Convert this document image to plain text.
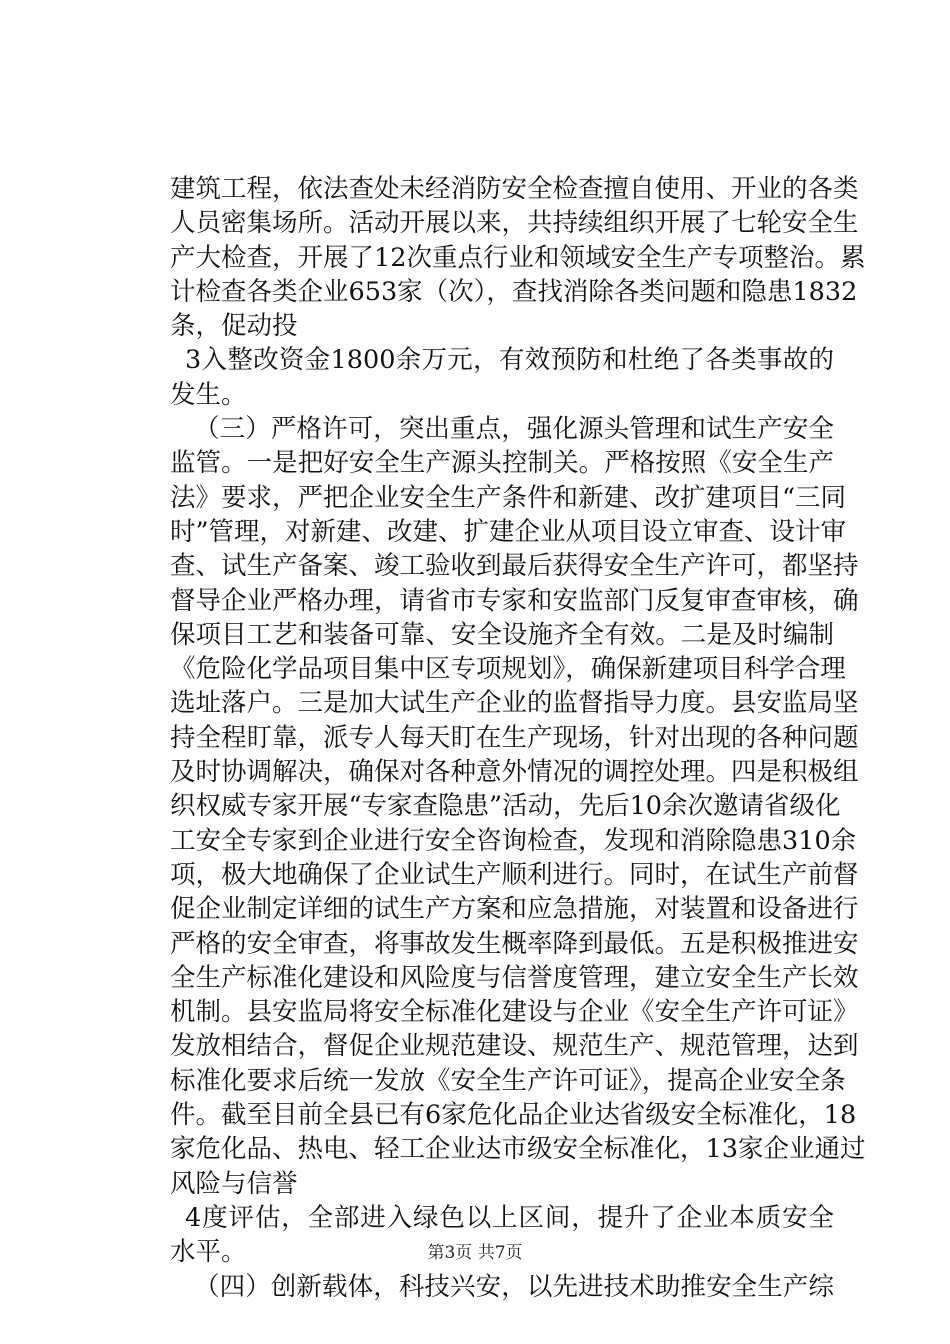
建筑工程，依法查处未经消防安全检查擅自使用、开业的各类
人员密集场所。活动开展以来，共持续组织开展了七轮安全生
产大检查，开展了12次重点行业和领域安全生产专项整治。累
计检查各类企业653家（次），查找消除各类问题和隐患1832
条，促动投
3入整改资金1800余万元，有效预防和杜绝了各类事故的
发生。
（三）严格许可，突出重点，强化源头管理和试生产安全
监管。一是把好安全生产源头控制关。严格按照《安全生产
法》要求，严把企业安全生产条件和新建、改扩建项目“三同
时”管理，对新建、改建、扩建企业从项目设立审查、设计审
查、试生产备案、竣工验收到最后获得安全生产许可，都坚持
督导企业严格办理，请省市专家和安监部门反复审查审核，确
保项目工艺和装备可靠、安全设施齐全有效。二是及时编制
《危险化学品项目集中区专项规划》，确保新建项目科学合理
选址落户。三是加大试生产企业的监督指导力度。县安监局坚
持全程盯靠，派专人每天盯在生产现场，针对出现的各种问题
及时协调解决，确保对各种意外情况的调控处理。四是积极组
织权威专家开展“专家查隐患”活动，先后10余次邀请省级化
工安全专家到企业进行安全咨询检查，发现和消除隐患310余
项，极大地确保了企业试生产顺利进行。同时，在试生产前督
促企业制定详细的试生产方案和应急措施，对装置和设备进行
严格的安全审查，将事故发生概率降到最低。五是积极推进安
全生产标准化建设和风险度与信誉度管理，建立安全生产长效
机制。县安监局将安全标准化建设与企业《安全生产许可证》
发放相结合，督促企业规范建设、规范生产、规范管理，达到
标准化要求后统一发放《安全生产许可证》，提高企业安全条
件。截至目前全县已有6家危化品企业达省级安全标准化，18
家危化品、热电、轻工企业达市级安全标准化，13家企业通过
风险与信誉
4度评估，全部进入绿色以上区间，提升了企业本质安全
水平。
（四）创新载体，科技兴安，以先进技术助推安全生产综
第3页 共7页
